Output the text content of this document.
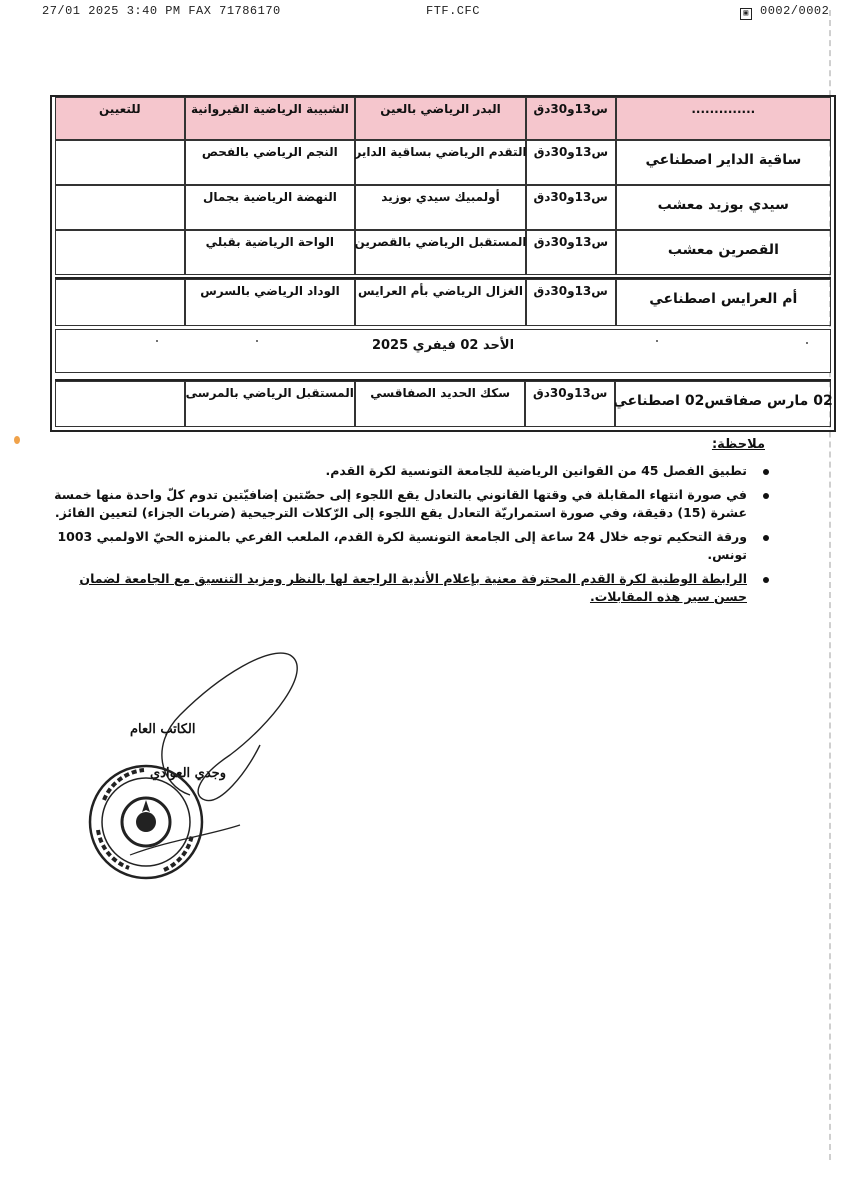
27/01 2025 3:40 PM FAX 71786170	FTF.CFC	▣ 0002/0002
..............
س13و30دق
البدر الرياضي بالعين
الشبيبة الرياضية القيروانية
للتعيين
ساقية الداير اصطناعي
س13و30دق
التقدم الرياضي بساقية الداير
النجم الرياضي بالفحص
سيدي بوزيد معشب
س13و30دق
أولمبيك سيدي بوزيد
النهضة الرياضية بجمال
القصرين معشب
س13و30دق
المستقبل الرياضي بالقصرين
الواحة الرياضية بقبلي
أم العرايس اصطناعي
س13و30دق
الغزال الرياضي بأم العرايس
الوداد الرياضي بالسرس
الأحد 02 فيفري 2025
02 مارس صفاقس02 اصطناعي
س13و30دق
سكك الحديد الصفاقسي
المستقبل الرياضي بالمرسى
ملاحظة:
تطبيق الفصل 45 من القوانين الرياضية للجامعة التونسية لكرة القدم.
في صورة انتهاء المقابلة في وقتها القانوني بالتعادل يقع اللجوء إلى حصّتين إضافيّتين تدوم كلّ واحدة منها خمسة عشرة (15) دقيقة، وفي صورة استمراريّة التعادل يقع اللجوء إلى الرّكلات الترجيحية (ضربات الجزاء) لتعيين الفائز.
ورقة التحكيم توجه خلال 24 ساعة إلى الجامعة التونسية لكرة القدم، الملعب الفرعي بالمنزه الحيّ الاولمبي 1003 تونس.
الرابطة الوطنية لكرة القدم المحترفة معنية بإعلام الأندية الراجعة لها بالنظر ومزيد التنسيق مع الجامعة لضمان حسن سير هذه المقابلات.
الكاتب العام
وجدي العوادي
